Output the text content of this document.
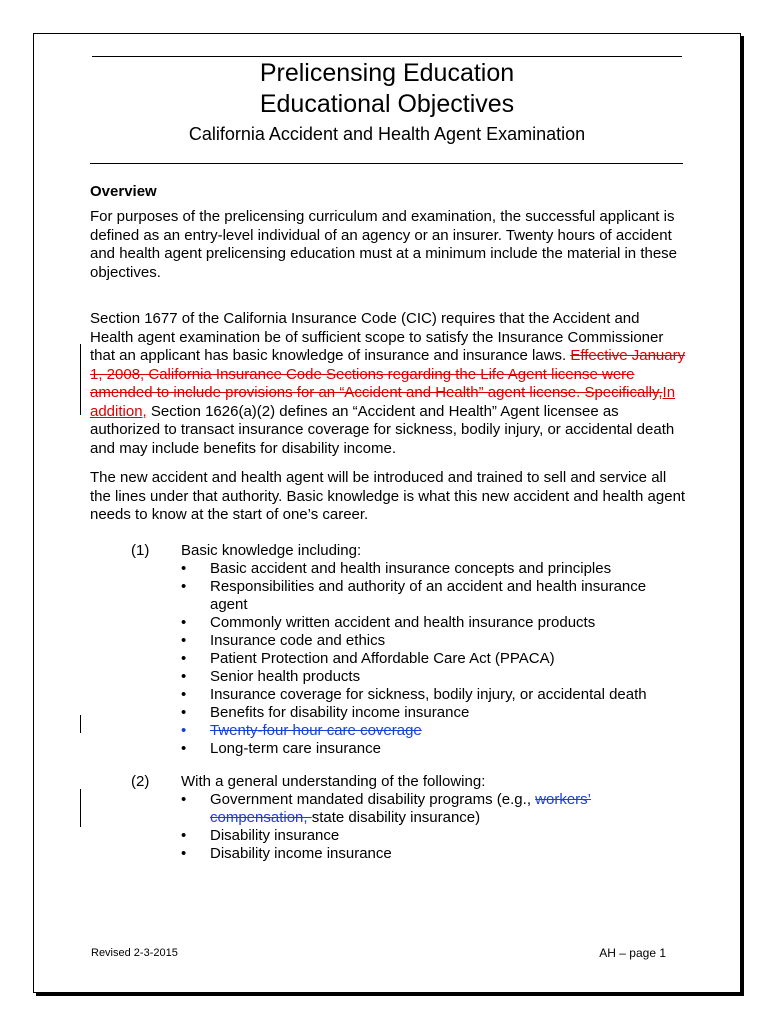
Prelicensing Education
Educational Objectives
California Accident and Health Agent Examination
Overview

For purposes of the prelicensing curriculum and examination, the successful applicant is defined as an entry-level individual of an agency or an insurer. Twenty hours of accident and health agent prelicensing education must at a minimum include the material in these objectives.

Section 1677 of the California Insurance Code (CIC) requires that the Accident and Health agent examination be of sufficient scope to satisfy the Insurance Commissioner that an applicant has basic knowledge of insurance and insurance laws. Effective January 1, 2008, California Insurance Code Sections regarding the Life Agent license were amended to include provisions for an “Accident and Health” agent license. Specifically,In addition, Section 1626(a)(2) defines an “Accident and Health” Agent licensee as authorized to transact insurance coverage for sickness, bodily injury, or accidental death and may include benefits for disability income.

The new accident and health agent will be introduced and trained to sell and service all the lines under that authority. Basic knowledge is what this new accident and health agent needs to know at the start of one’s career.

(1) Basic knowledge including:
• Basic accident and health insurance concepts and principles
• Responsibilities and authority of an accident and health insurance agent
• Commonly written accident and health insurance products
• Insurance code and ethics
• Patient Protection and Affordable Care Act (PPACA)
• Senior health products
• Insurance coverage for sickness, bodily injury, or accidental death
• Benefits for disability income insurance
• Twenty-four hour care coverage
• Long-term care insurance
(2) With a general understanding of the following:
• Government mandated disability programs (e.g., workers’ compensation, state disability insurance)
• Disability insurance
• Disability income insurance
Revised 2-3-2015	AH – page 1
